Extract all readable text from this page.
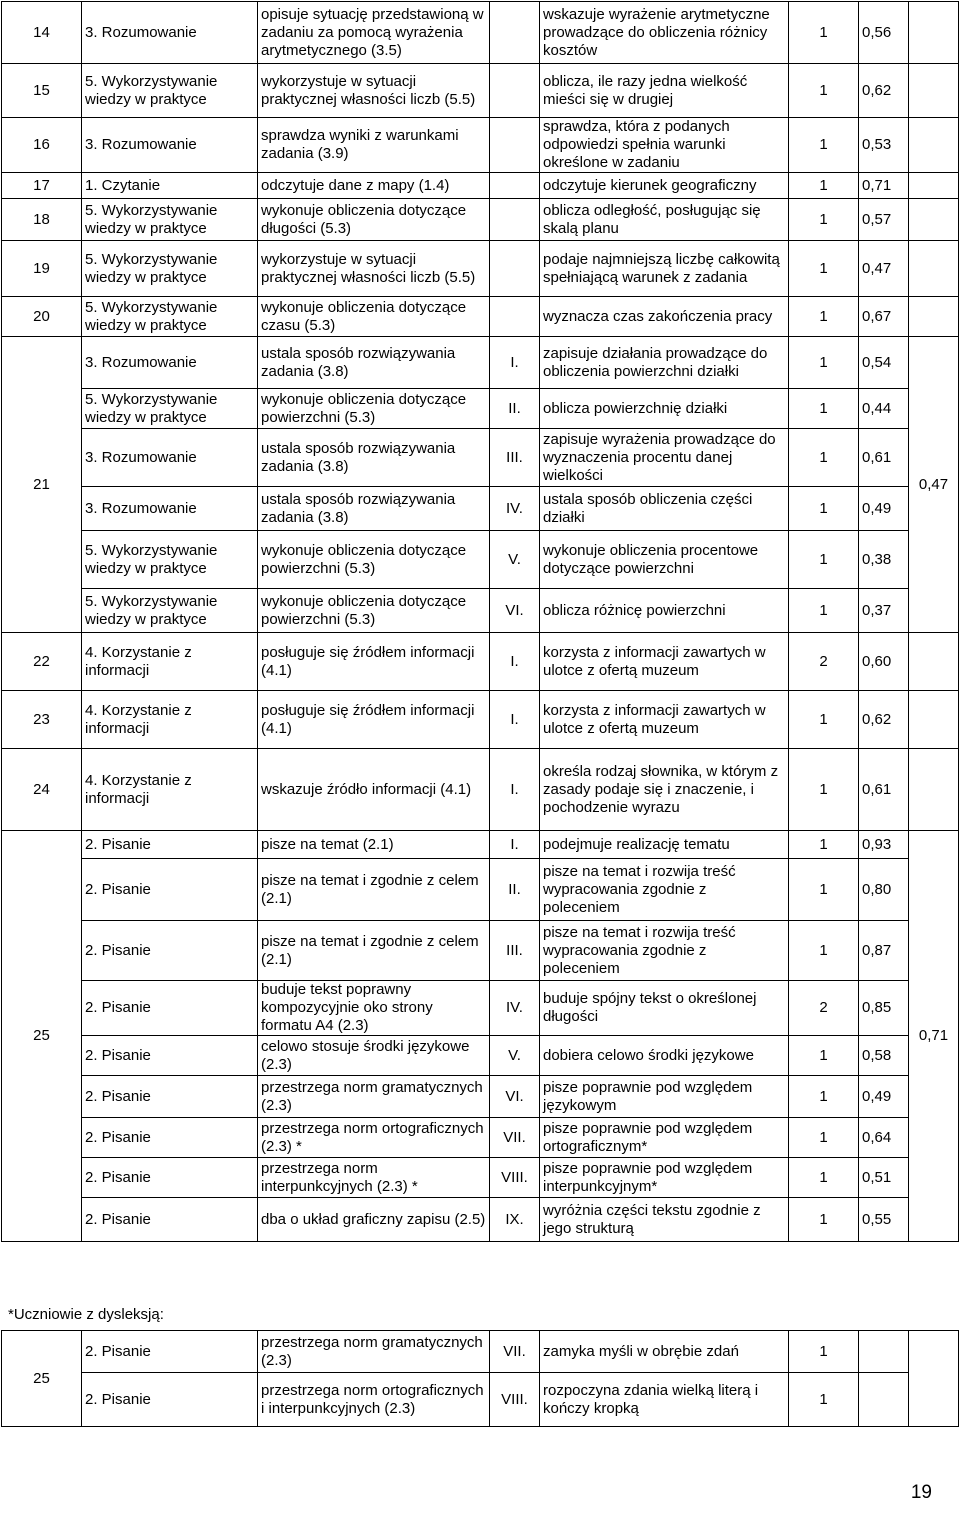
14	3. Rozumowanie	opisuje sytuację przedstawioną w zadaniu za pomocą wyrażenia arytmetycznego (3.5)		wskazuje wyrażenie arytmetyczne prowadzące do obliczenia różnicy kosztów	1	0,56	
15	5. Wykorzystywanie wiedzy w praktyce	wykorzystuje w sytuacji praktycznej własności liczb (5.5)		oblicza, ile razy jedna wielkość mieści się w drugiej	1	0,62	
16	3. Rozumowanie	sprawdza wyniki z warunkami zadania (3.9)		sprawdza, która z podanych odpowiedzi spełnia warunki określone w zadaniu	1	0,53	
17	1. Czytanie	odczytuje dane z mapy (1.4)		odczytuje kierunek geograficzny	1	0,71	
18	5. Wykorzystywanie wiedzy w praktyce	wykonuje obliczenia dotyczące długości (5.3)		oblicza odległość, posługując się skalą planu	1	0,57	
19	5. Wykorzystywanie wiedzy w praktyce	wykorzystuje w sytuacji praktycznej własności liczb (5.5)		podaje najmniejszą liczbę całkowitą spełniającą warunek z zadania	1	0,47	
20	5. Wykorzystywanie wiedzy w praktyce	wykonuje obliczenia dotyczące czasu (5.3)		wyznacza czas zakończenia pracy	1	0,67	
21	3. Rozumowanie	ustala sposób rozwiązywania zadania (3.8)	I.	zapisuje działania prowadzące do obliczenia powierzchni działki	1	0,54	0,47
	5. Wykorzystywanie wiedzy w praktyce	wykonuje obliczenia dotyczące powierzchni (5.3)	II.	oblicza powierzchnię działki	1	0,44	
	3. Rozumowanie	ustala sposób rozwiązywania zadania (3.8)	III.	zapisuje wyrażenia prowadzące do wyznaczenia procentu danej wielkości	1	0,61	
	3. Rozumowanie	ustala sposób rozwiązywania zadania (3.8)	IV.	ustala sposób obliczenia części działki	1	0,49	
	5. Wykorzystywanie wiedzy w praktyce	wykonuje obliczenia dotyczące powierzchni (5.3)	V.	wykonuje obliczenia procentowe dotyczące powierzchni	1	0,38	
	5. Wykorzystywanie wiedzy w praktyce	wykonuje obliczenia dotyczące powierzchni (5.3)	VI.	oblicza różnicę powierzchni	1	0,37	
22	4. Korzystanie z informacji	posługuje się źródłem informacji (4.1)	I.	korzysta z informacji zawartych w ulotce z ofertą muzeum	2	0,60	
23	4. Korzystanie z informacji	posługuje się źródłem informacji (4.1)	I.	korzysta z informacji zawartych w ulotce z ofertą muzeum	1	0,62	
24	4. Korzystanie z informacji	wskazuje źródło informacji (4.1)	I.	określa rodzaj słownika, w którym z zasady podaje się i znaczenie, i pochodzenie wyrazu	1	0,61	
25	2. Pisanie	pisze na temat (2.1)	I.	podejmuje realizację tematu	1	0,93	0,71
	2. Pisanie	pisze na temat i zgodnie z celem (2.1)	II.	pisze na temat i rozwija treść wypracowania zgodnie z poleceniem	1	0,80	
	2. Pisanie	pisze na temat i zgodnie z celem (2.1)	III.	pisze na temat i rozwija treść wypracowania zgodnie z poleceniem	1	0,87	
	2. Pisanie	buduje tekst poprawny kompozycyjnie oko strony formatu A4 (2.3)	IV.	buduje spójny tekst o określonej długości	2	0,85	
	2. Pisanie	celowo stosuje środki językowe (2.3)	V.	dobiera celowo środki językowe	1	0,58	
	2. Pisanie	przestrzega norm gramatycznych (2.3)	VI.	pisze poprawnie pod względem językowym	1	0,49	
	2. Pisanie	przestrzega norm ortograficznych (2.3) *	VII.	pisze poprawnie pod względem ortograficznym*	1	0,64	
	2. Pisanie	przestrzega norm interpunkcyjnych (2.3) *	VIII.	pisze poprawnie pod względem interpunkcyjnym*	1	0,51	
	2. Pisanie	dba o układ graficzny zapisu (2.5)	IX.	wyróżnia części tekstu zgodnie z jego strukturą	1	0,55	
*Uczniowie z dysleksją:
25	2. Pisanie	przestrzega norm gramatycznych (2.3)	VII.	zamyka myśli w obrębie zdań	1		
	2. Pisanie	przestrzega norm ortograficznych i interpunkcyjnych (2.3)	VIII.	rozpoczyna zdania wielką literą i kończy kropką	1		
19
